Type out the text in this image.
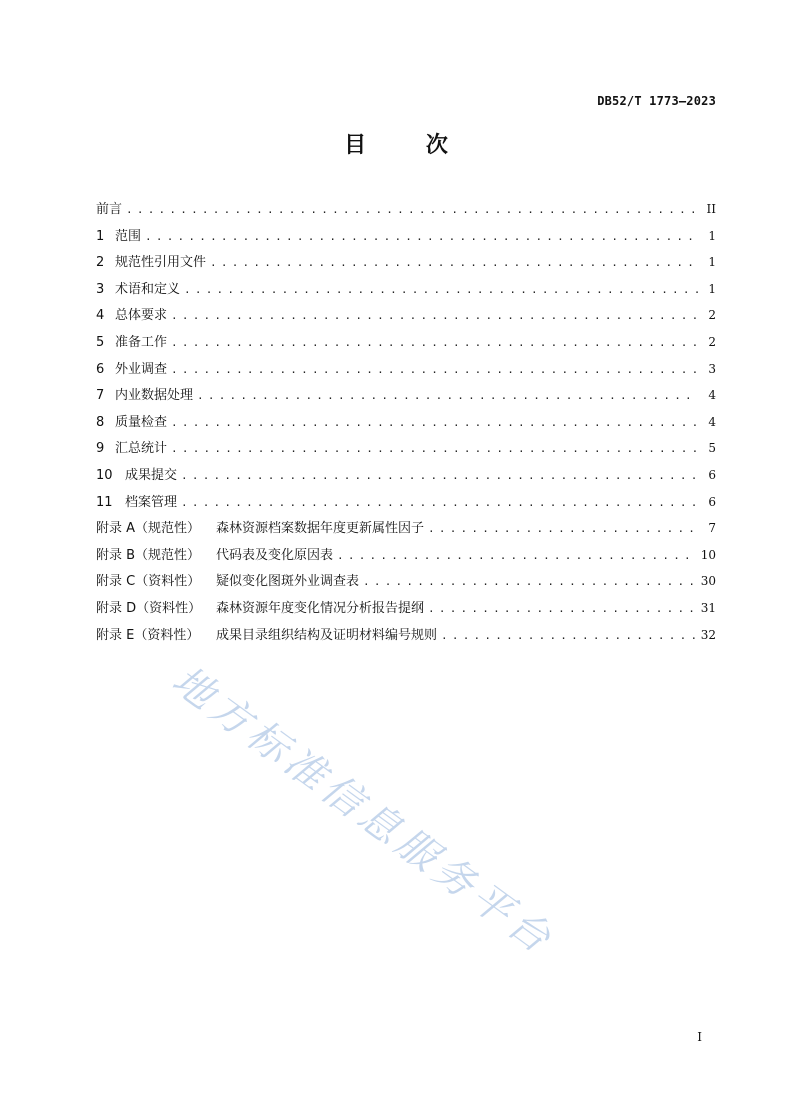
DB52/T 1773—2023
目 次
前言 . . .	II
1 范围 . . .	1
2 规范性引用文件 . . .	1
3 术语和定义 . . .	1
4 总体要求 . . .	2
5 准备工作 . . .	2
6 外业调查 . . .	3
7 内业数据处理 . . .	4
8 质量检查 . . .	4
9 汇总统计 . . .	5
10 成果提交 . . .	6
11 档案管理 . . .	6
附录 A（规范性）	森林资源档案数据年度更新属性因子 . . .	7
附录 B（规范性）	代码表及变化原因表 . . .	10
附录 C（资料性）	疑似变化图斑外业调查表 . . .	30
附录 D（资料性）	森林资源年度变化情况分析报告提纲 . . .	31
附录 E（资料性）	成果目录组织结构及证明材料编号规则 . . .	32
地方标准信息服务平台
I
